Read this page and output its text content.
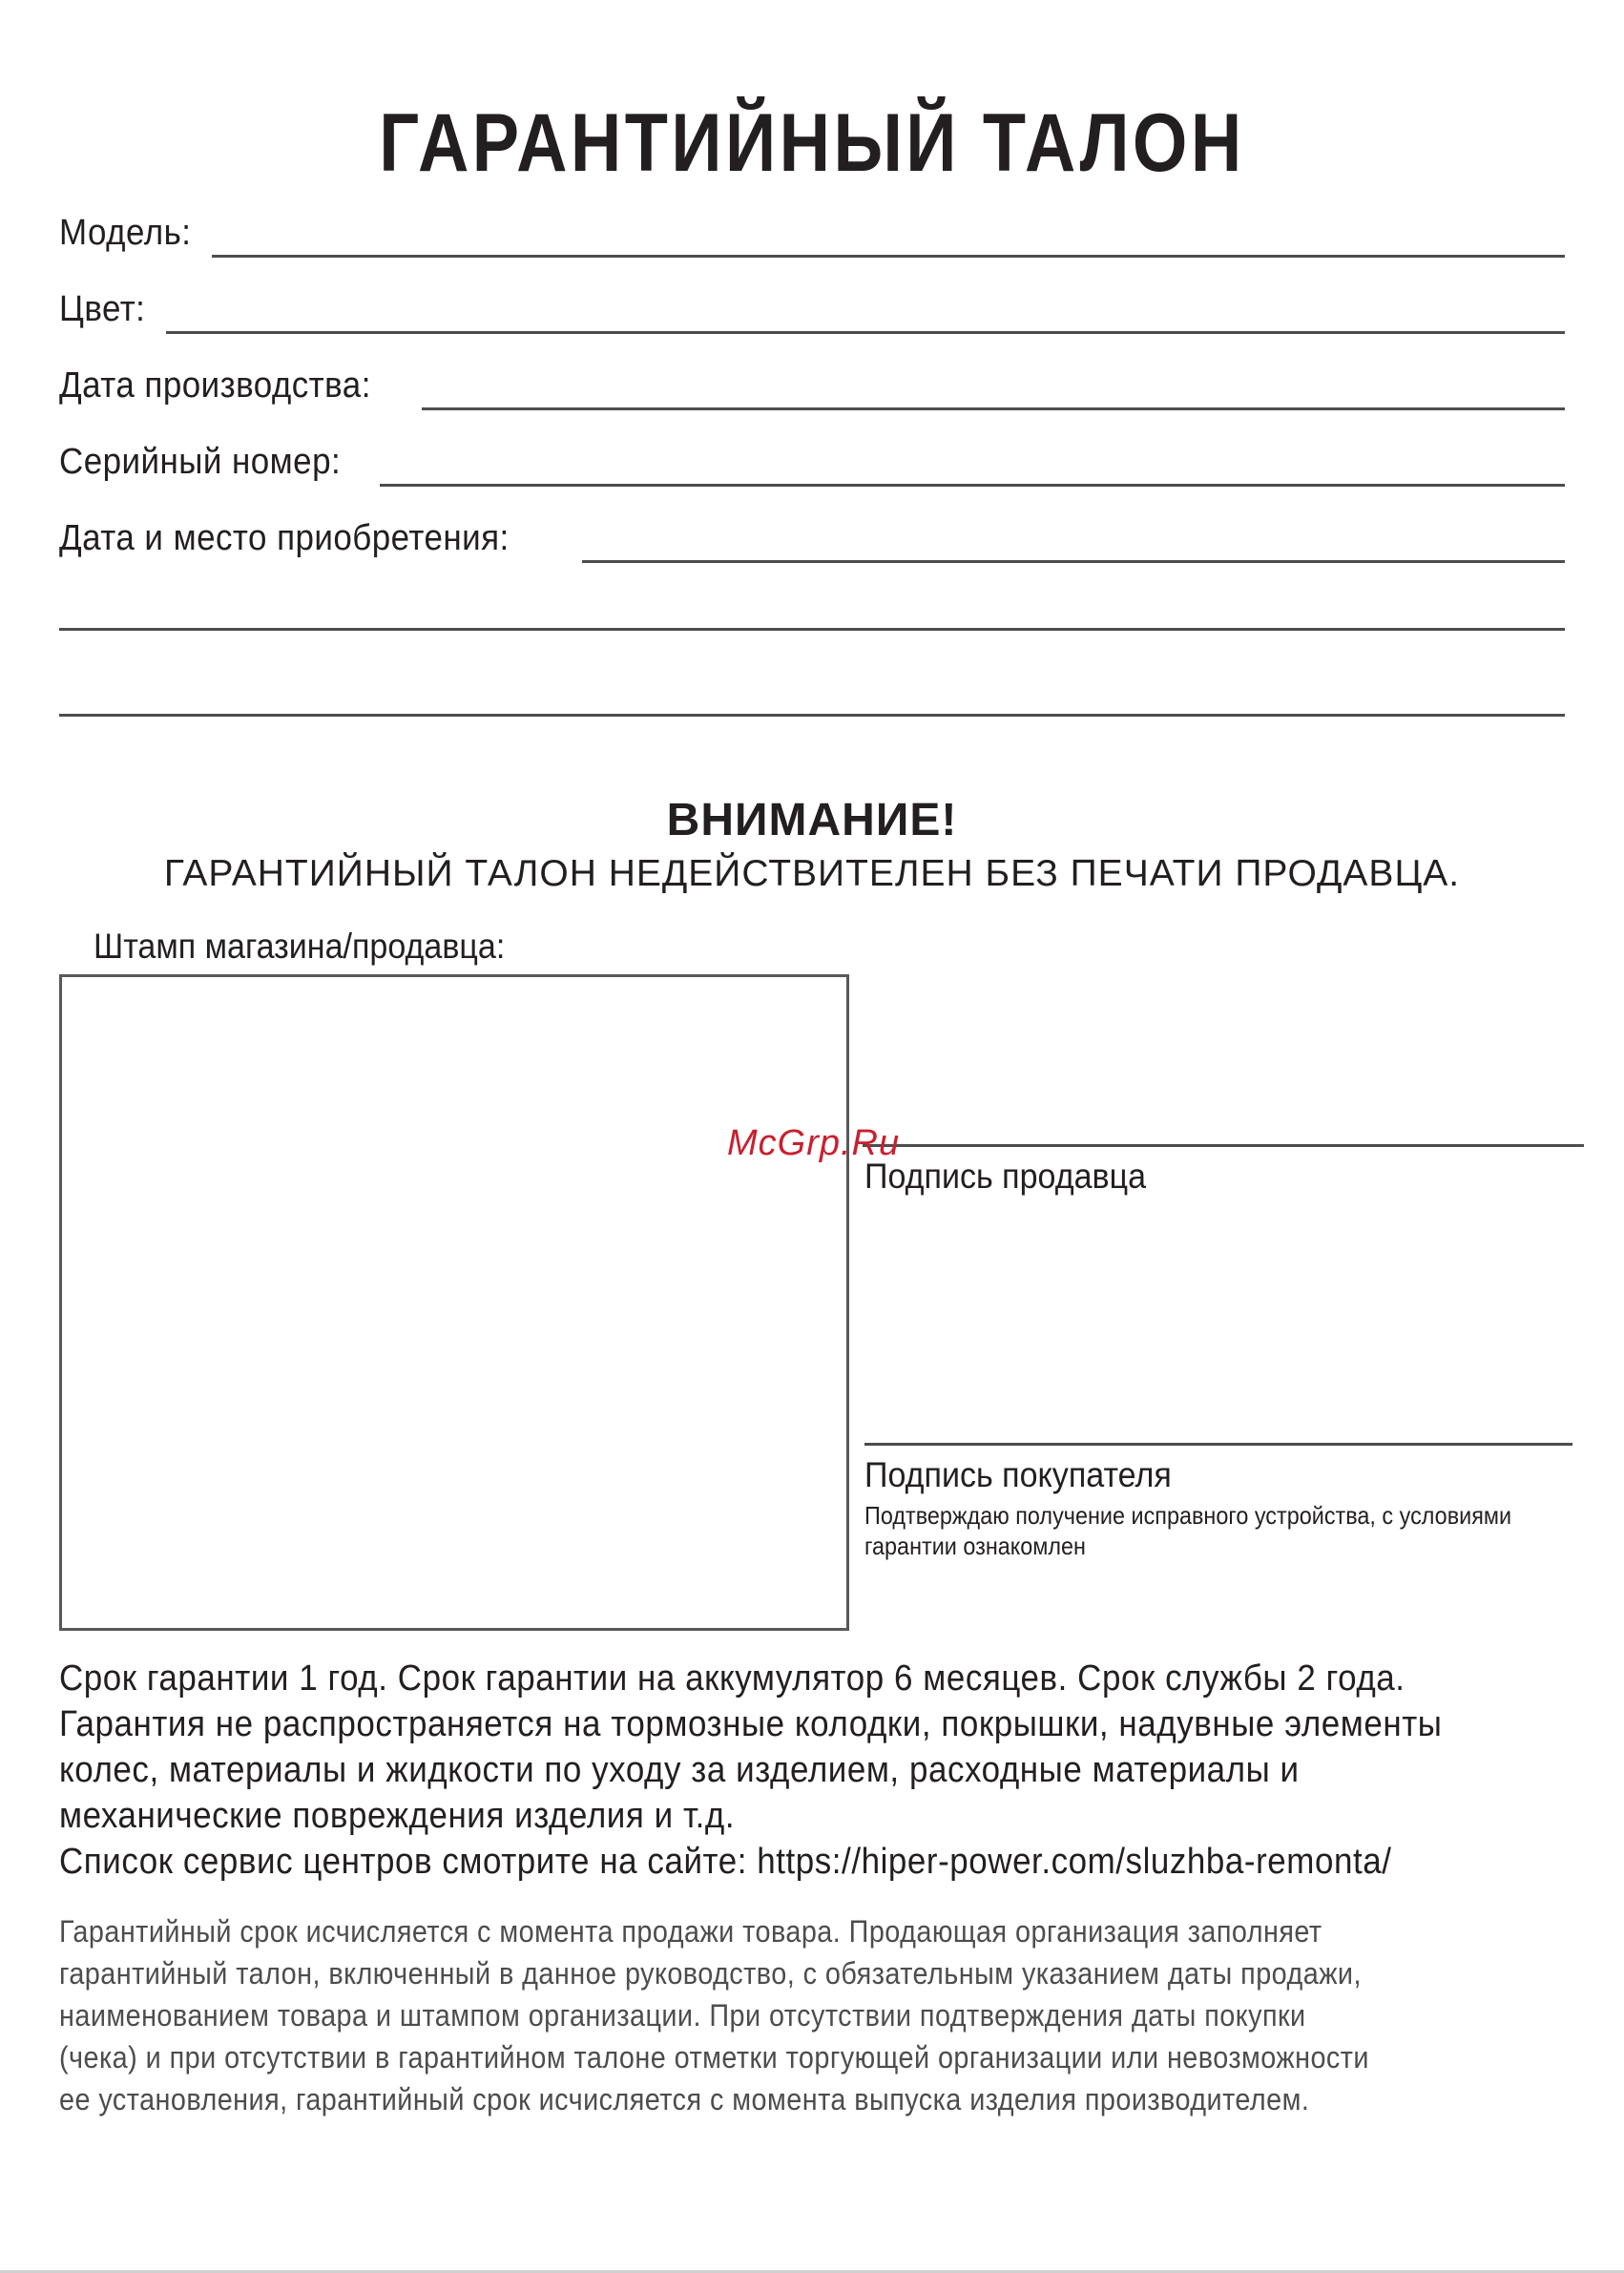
ГАРАНТИЙНЫЙ ТАЛОН
Модель:
Цвет:
Дата производства:
Серийный номер:
Дата и место приобретения:
ВНИМАНИЕ!
ГАРАНТИЙНЫЙ ТАЛОН НЕДЕЙСТВИТЕЛЕН БЕЗ ПЕЧАТИ ПРОДАВЦА.
Штамп магазина/продавца:
McGrp.Ru
Подпись продавца
Подпись покупателя
Подтверждаю получение исправного устройства, с условиями гарантии ознакомлен

Срок гарантии 1 год. Срок гарантии на аккумулятор 6 месяцев. Срок службы 2 года.

Гарантия не распространяется на тормозные колодки, покрышки, надувные элементы

колес, материалы и жидкости по уходу за изделием, расходные материалы и

механические повреждения изделия и т.д.

Список сервис центров смотрите на сайте: https://hiper-power.com/sluzhba-remonta/

Гарантийный срок исчисляется с момента продажи товара. Продающая организация заполняет

гарантийный талон, включенный в данное руководство, с обязательным указанием даты продажи,

наименованием товара и штампом организации. При отсутствии подтверждения даты покупки

(чека) и при отсутствии в гарантийном талоне отметки торгующей организации или невозможности

ее установления, гарантийный срок исчисляется с момента выпуска изделия производителем.
